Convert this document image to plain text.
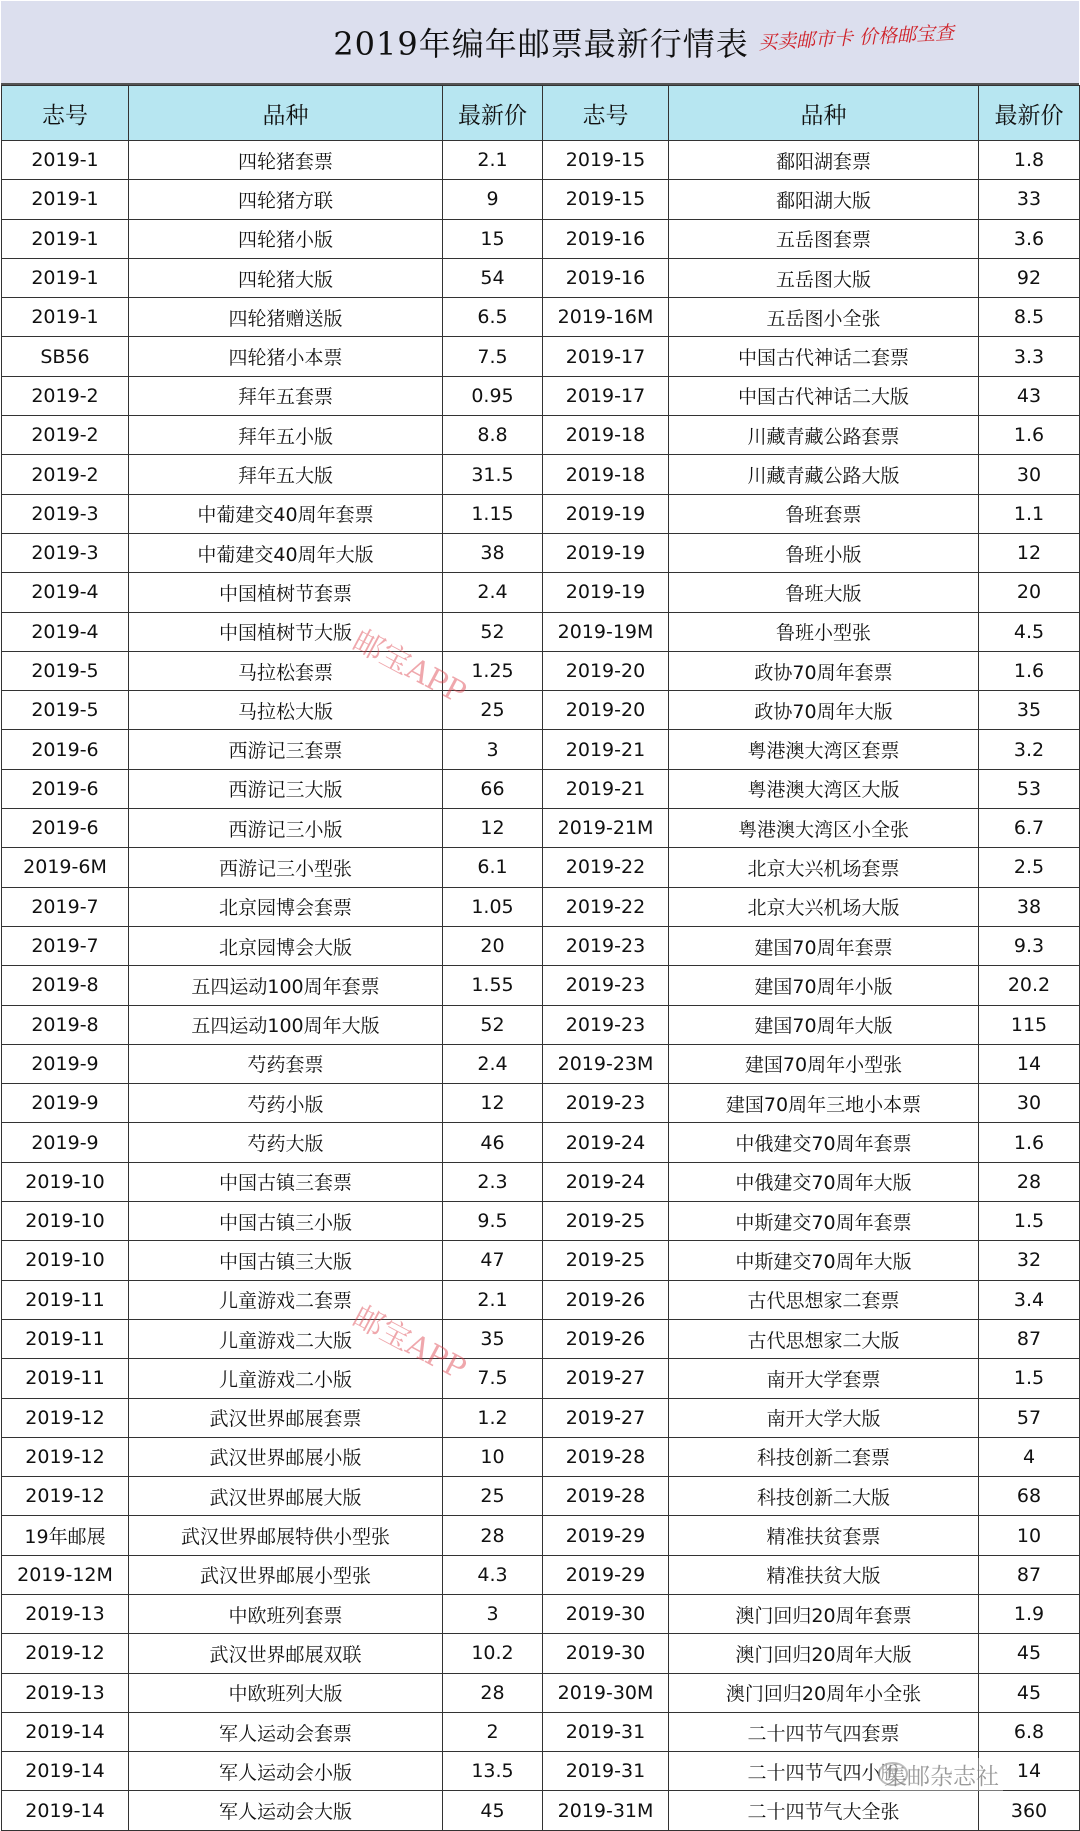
2019年编年邮票最新行情表 买卖邮市卡 价格邮宝查
志号	品种	最新价	志号	品种	最新价
2019-1	四轮猪套票	2.1	2019-15	鄱阳湖套票	1.8
2019-1	四轮猪方联	9	2019-15	鄱阳湖大版	33
2019-1	四轮猪小版	15	2019-16	五岳图套票	3.6
2019-1	四轮猪大版	54	2019-16	五岳图大版	92
2019-1	四轮猪赠送版	6.5	2019-16M	五岳图小全张	8.5
SB56	四轮猪小本票	7.5	2019-17	中国古代神话二套票	3.3
2019-2	拜年五套票	0.95	2019-17	中国古代神话二大版	43
2019-2	拜年五小版	8.8	2019-18	川藏青藏公路套票	1.6
2019-2	拜年五大版	31.5	2019-18	川藏青藏公路大版	30
2019-3	中葡建交40周年套票	1.15	2019-19	鲁班套票	1.1
2019-3	中葡建交40周年大版	38	2019-19	鲁班小版	12
2019-4	中国植树节套票	2.4	2019-19	鲁班大版	20
2019-4	中国植树节大版	52	2019-19M	鲁班小型张	4.5
2019-5	马拉松套票	1.25	2019-20	政协70周年套票	1.6
2019-5	马拉松大版	25	2019-20	政协70周年大版	35
2019-6	西游记三套票	3	2019-21	粤港澳大湾区套票	3.2
2019-6	西游记三大版	66	2019-21	粤港澳大湾区大版	53
2019-6	西游记三小版	12	2019-21M	粤港澳大湾区小全张	6.7
2019-6M	西游记三小型张	6.1	2019-22	北京大兴机场套票	2.5
2019-7	北京园博会套票	1.05	2019-22	北京大兴机场大版	38
2019-7	北京园博会大版	20	2019-23	建国70周年套票	9.3
2019-8	五四运动100周年套票	1.55	2019-23	建国70周年小版	20.2
2019-8	五四运动100周年大版	52	2019-23	建国70周年大版	115
2019-9	芍药套票	2.4	2019-23M	建国70周年小型张	14
2019-9	芍药小版	12	2019-23	建国70周年三地小本票	30
2019-9	芍药大版	46	2019-24	中俄建交70周年套票	1.6
2019-10	中国古镇三套票	2.3	2019-24	中俄建交70周年大版	28
2019-10	中国古镇三小版	9.5	2019-25	中斯建交70周年套票	1.5
2019-10	中国古镇三大版	47	2019-25	中斯建交70周年大版	32
2019-11	儿童游戏二套票	2.1	2019-26	古代思想家二套票	3.4
2019-11	儿童游戏二大版	35	2019-26	古代思想家二大版	87
2019-11	儿童游戏二小版	7.5	2019-27	南开大学套票	1.5
2019-12	武汉世界邮展套票	1.2	2019-27	南开大学大版	57
2019-12	武汉世界邮展小版	10	2019-28	科技创新二套票	4
2019-12	武汉世界邮展大版	25	2019-28	科技创新二大版	68
19年邮展	武汉世界邮展特供小型张	28	2019-29	精准扶贫套票	10
2019-12M	武汉世界邮展小型张	4.3	2019-29	精准扶贫大版	87
2019-13	中欧班列套票	3	2019-30	澳门回归20周年套票	1.9
2019-12	武汉世界邮展双联	10.2	2019-30	澳门回归20周年大版	45
2019-13	中欧班列大版	28	2019-30M	澳门回归20周年小全张	45
2019-14	军人运动会套票	2	2019-31	二十四节气四套票	6.8
2019-14	军人运动会小版	13.5	2019-31	二十四节气四小版	14
2019-14	军人运动会大版	45	2019-31M	二十四节气大全张	360
邮宝APP
邮宝APP
集邮杂志社
